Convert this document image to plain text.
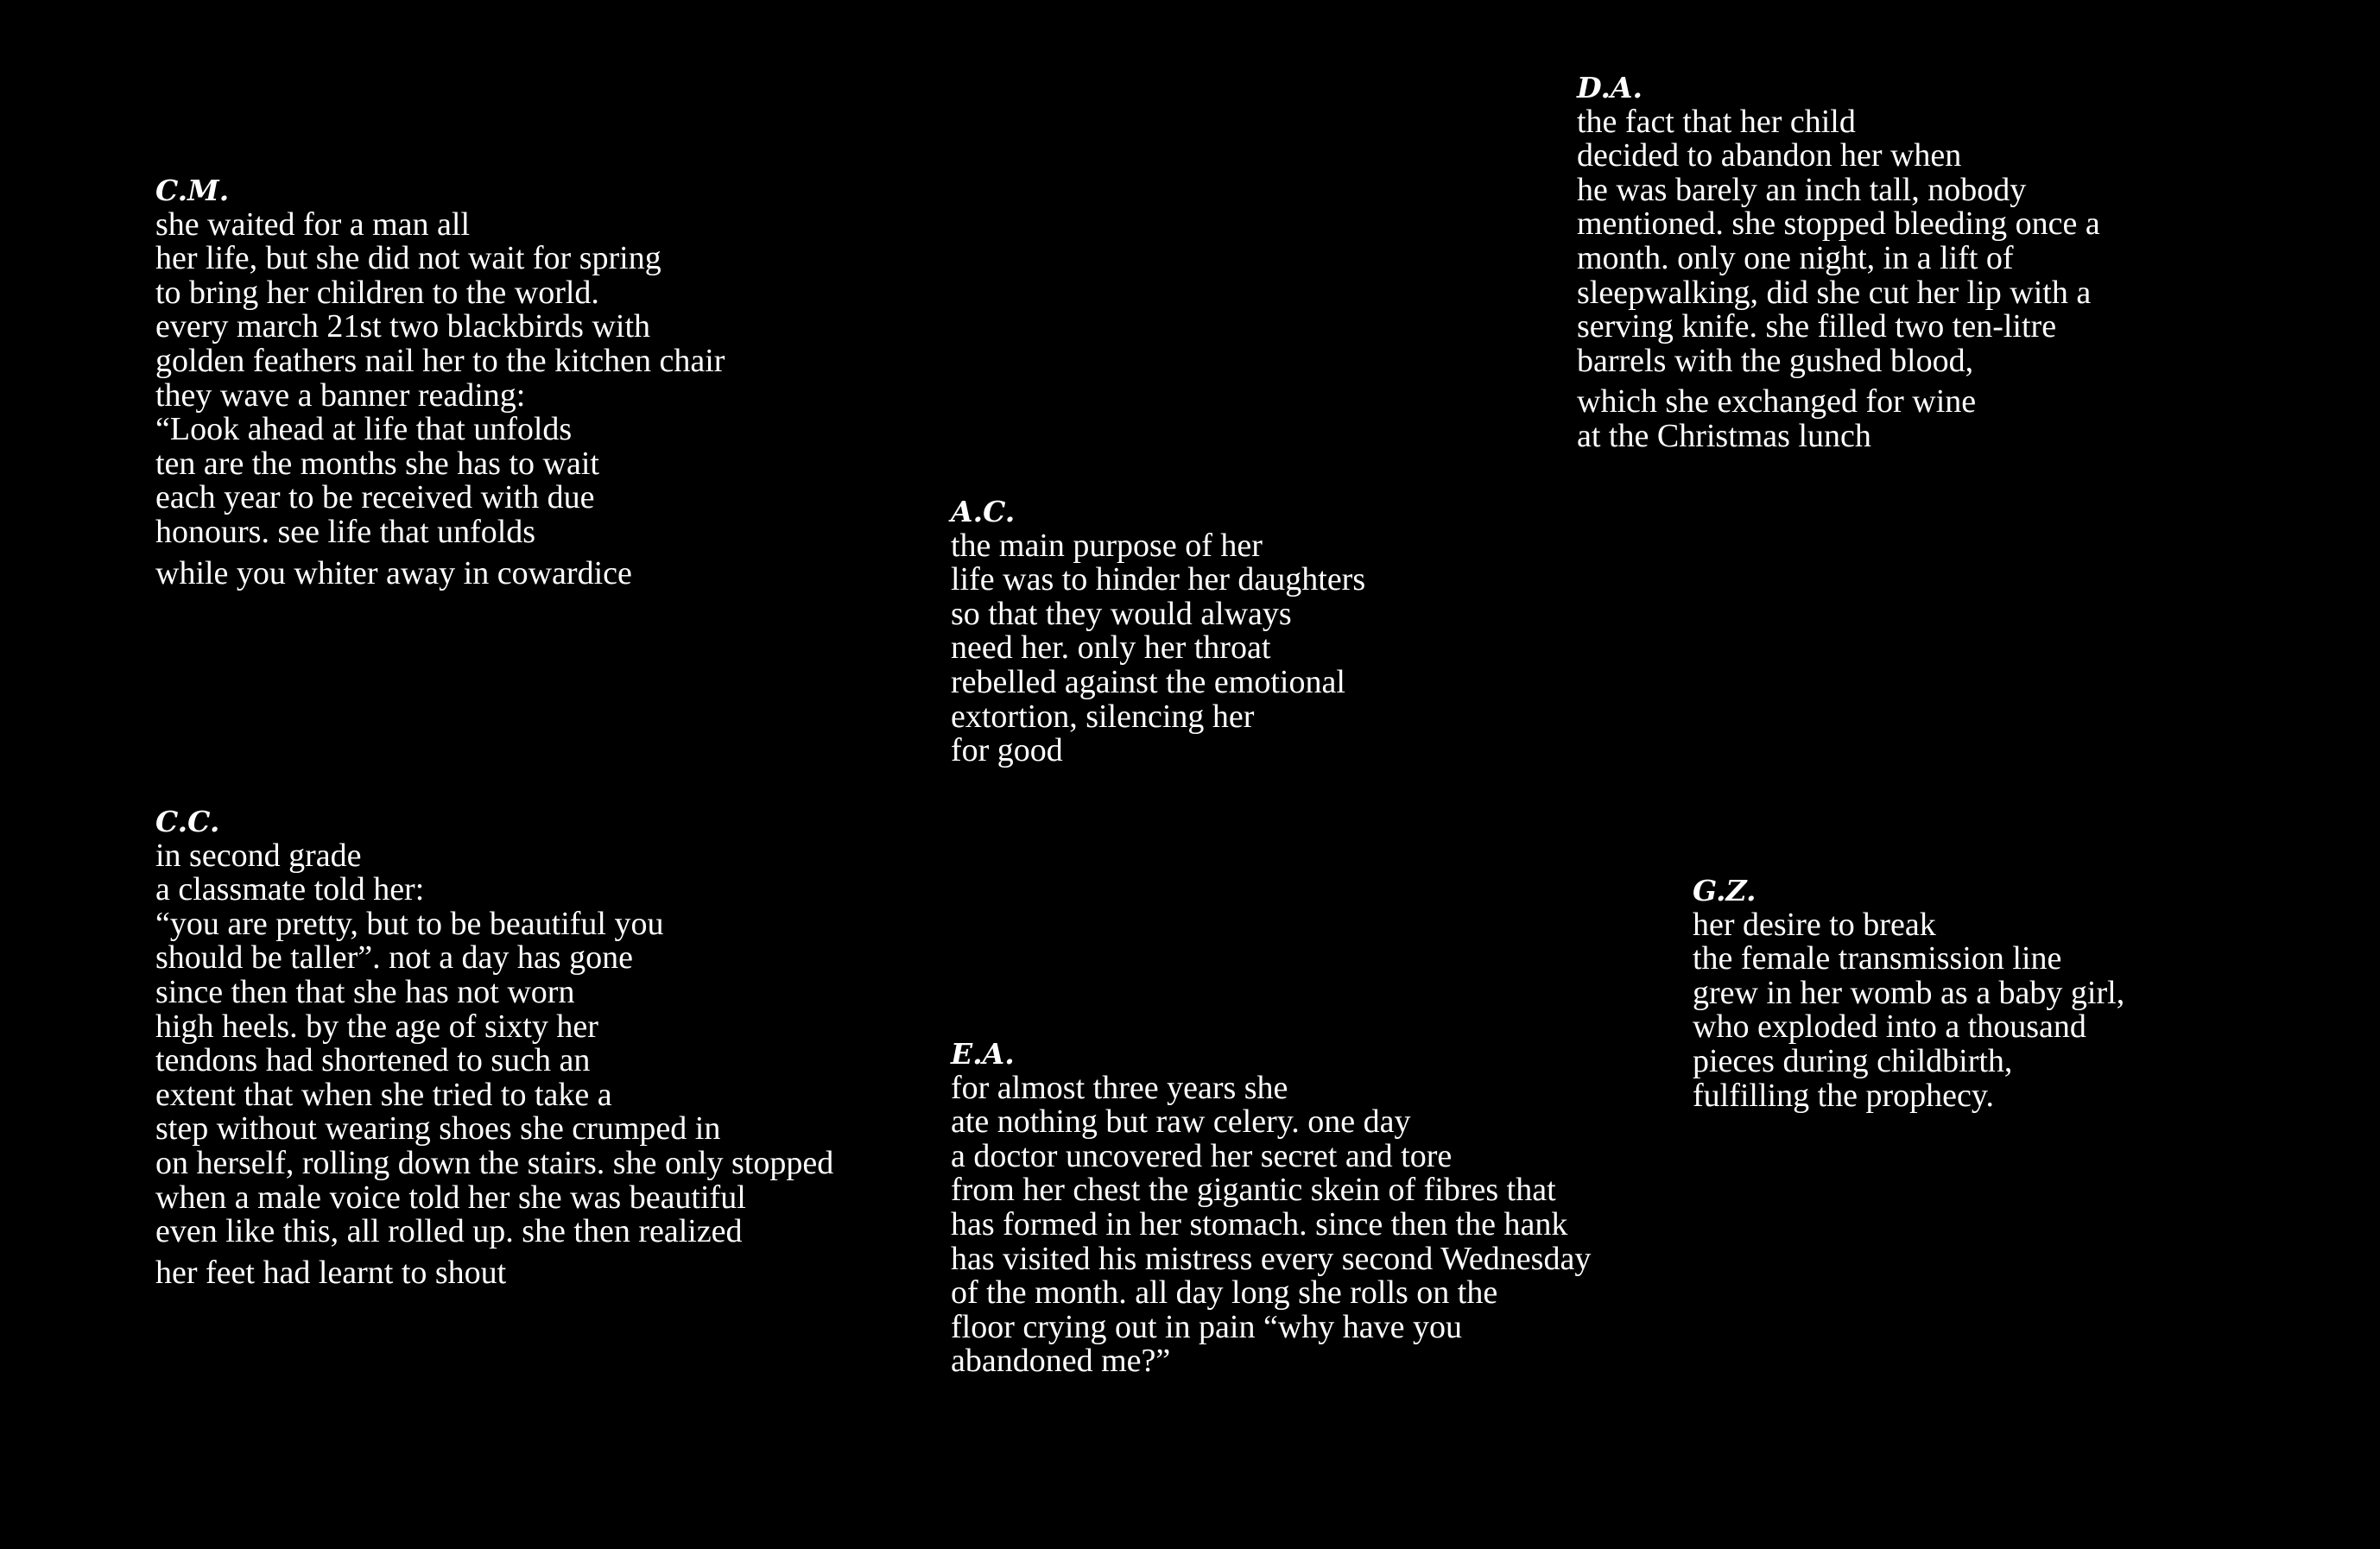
C.M.
she waited for a man all
her life, but she did not wait for spring
to bring her children to the world.
every march 21st two blackbirds with
golden feathers nail her to the kitchen chair
they wave a banner reading:
“Look ahead at life that unfolds
ten are the months she has to wait
each year to be received with due
honours. see life that unfolds
while you whiter away in cowardice
A.C.
the main purpose of her
life was to hinder her daughters
so that they would always
need her. only her throat
rebelled against the emotional
extortion, silencing her
for good
D.A.
the fact that her child
decided to abandon her when
he was barely an inch tall, nobody
mentioned. she stopped bleeding once a
month. only one night, in a lift of
sleepwalking, did she cut her lip with a
serving knife. she filled two ten-litre
barrels with the gushed blood,
which she exchanged for wine
at the Christmas lunch
C.C.
in second grade
a classmate told her:
“you are pretty, but to be beautiful you
should be taller”. not a day has gone
since then that she has not worn
high heels. by the age of sixty her
tendons had shortened to such an
extent that when she tried to take a
step without wearing shoes she crumped in
on herself, rolling down the stairs. she only stopped
when a male voice told her she was beautiful
even like this, all rolled up. she then realized
her feet had learnt to shout
E.A.
for almost three years she
ate nothing but raw celery. one day
a doctor uncovered her secret and tore
from her chest the gigantic skein of fibres that
has formed in her stomach. since then the hank
has visited his mistress every second Wednesday
of the month. all day long she rolls on the
floor crying out in pain “why have you
abandoned me?”
G.Z.
her desire to break
the female transmission line
grew in her womb as a baby girl,
who exploded into a thousand
pieces during childbirth,
fulfilling the prophecy.
